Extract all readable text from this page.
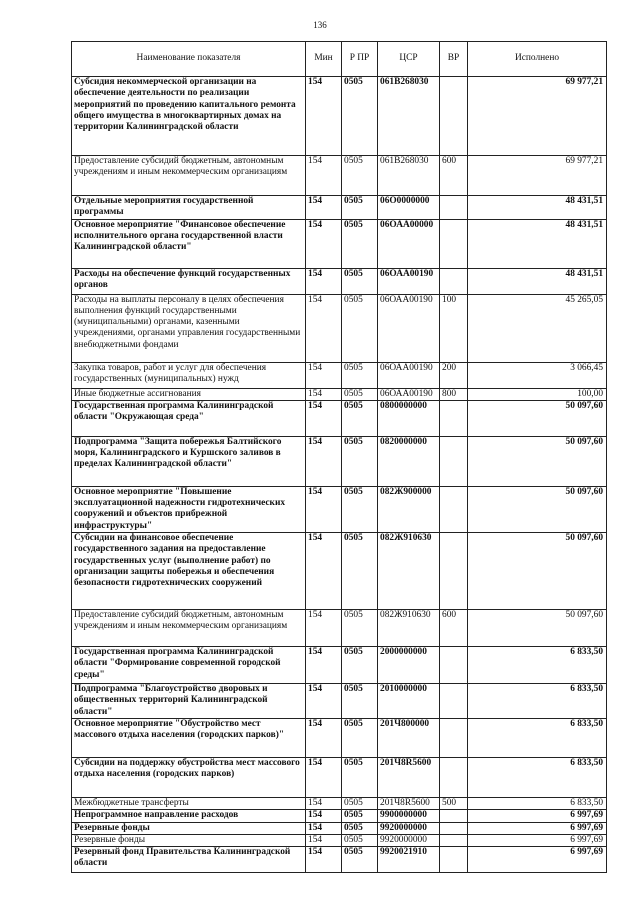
136
Наименование показателя	Мин	Р ПР	ЦСР	ВР	Исполнено
Субсидия некоммерческой организации на обеспечение деятельности по реализации мероприятий по проведению капитального ремонта общего имущества в многоквартирных домах на территории Калининградской области	154	0505	061В268030		69 977,21
Предоставление субсидий бюджетным, автономным учреждениям и иным некоммерческим организациям	154	0505	061В268030	600	69 977,21
Отдельные мероприятия государственной программы	154	0505	06О0000000		48 431,51
Основное мероприятие "Финансовое обеспечение исполнительного органа государственной власти Калининградской области"	154	0505	06ОАА00000		48 431,51
Расходы на обеспечение функций государственных органов	154	0505	06ОАА00190		48 431,51
Расходы на выплаты персоналу в целях обеспечения выполнения функций государственными (муниципальными) органами, казенными учреждениями, органами управления государственными внебюджетными фондами	154	0505	06ОАА00190	100	45 265,05
Закупка товаров, работ и услуг для обеспечения государственных (муниципальных) нужд	154	0505	06ОАА00190	200	3 066,45
Иные бюджетные ассигнования	154	0505	06ОАА00190	800	100,00
Государственная программа Калининградской области "Окружающая среда"	154	0505	0800000000		50 097,60
Подпрограмма "Защита побережья Балтийского моря, Калининградского и Куршского заливов в пределах Калининградской области"	154	0505	0820000000		50 097,60
Основное мероприятие "Повышение эксплуатационной надежности гидротехнических сооружений и объектов прибрежной инфраструктуры"	154	0505	082Ж900000		50 097,60
Субсидии на финансовое обеспечение государственного задания на предоставление государственных услуг (выполнение работ) по организации защиты побережья и обеспечения безопасности гидротехнических сооружений	154	0505	082Ж910630		50 097,60
Предоставление субсидий бюджетным, автономным учреждениям и иным некоммерческим организациям	154	0505	082Ж910630	600	50 097,60
Государственная программа Калининградской области "Формирование современной городской среды"	154	0505	2000000000		6 833,50
Подпрограмма "Благоустройство дворовых и общественных территорий Калининградской области"	154	0505	2010000000		6 833,50
Основное мероприятие "Обустройство мест массового отдыха населения (городских парков)"	154	0505	201Ч800000		6 833,50
Субсидии на поддержку обустройства мест массового отдыха населения (городских парков)	154	0505	201Ч8R5600		6 833,50
Межбюджетные трансферты	154	0505	201Ч8R5600	500	6 833,50
Непрограммное направление расходов	154	0505	9900000000		6 997,69
Резервные фонды	154	0505	9920000000		6 997,69
Резервные фонды	154	0505	9920000000		6 997,69
Резервный фонд Правительства Калининградской области	154	0505	9920021910		6 997,69
